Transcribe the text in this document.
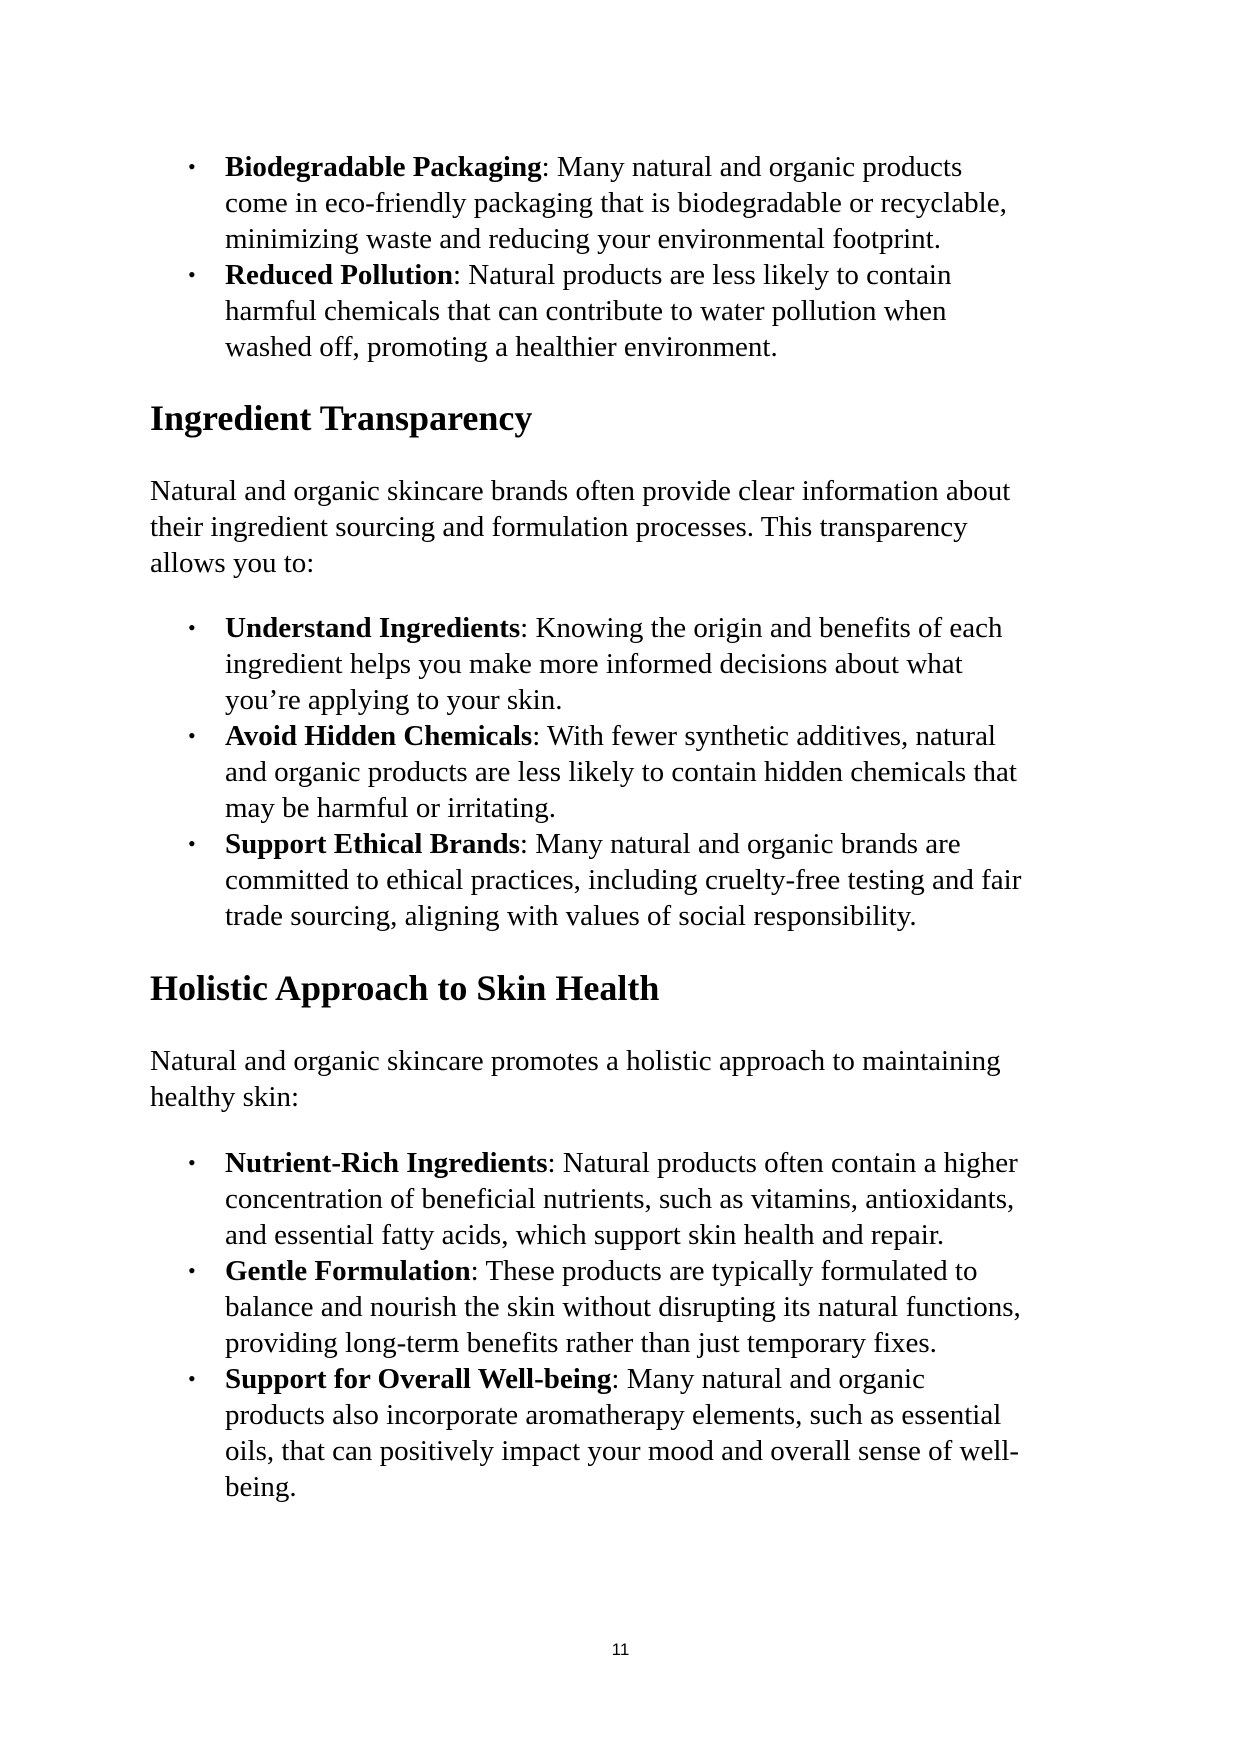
• Biodegradable Packaging: Many natural and organic products
come in eco-friendly packaging that is biodegradable or recyclable,
minimizing waste and reducing your environmental footprint.
• Reduced Pollution: Natural products are less likely to contain
harmful chemicals that can contribute to water pollution when
washed off, promoting a healthier environment.
Ingredient Transparency
Natural and organic skincare brands often provide clear information about
their ingredient sourcing and formulation processes. This transparency
allows you to:
• Understand Ingredients: Knowing the origin and benefits of each
ingredient helps you make more informed decisions about what
you’re applying to your skin.
• Avoid Hidden Chemicals: With fewer synthetic additives, natural
and organic products are less likely to contain hidden chemicals that
may be harmful or irritating.
• Support Ethical Brands: Many natural and organic brands are
committed to ethical practices, including cruelty-free testing and fair
trade sourcing, aligning with values of social responsibility.
Holistic Approach to Skin Health
Natural and organic skincare promotes a holistic approach to maintaining
healthy skin:
• Nutrient-Rich Ingredients: Natural products often contain a higher
concentration of beneficial nutrients, such as vitamins, antioxidants,
and essential fatty acids, which support skin health and repair.
• Gentle Formulation: These products are typically formulated to
balance and nourish the skin without disrupting its natural functions,
providing long-term benefits rather than just temporary fixes.
• Support for Overall Well-being: Many natural and organic
products also incorporate aromatherapy elements, such as essential
oils, that can positively impact your mood and overall sense of well-
being.
11
